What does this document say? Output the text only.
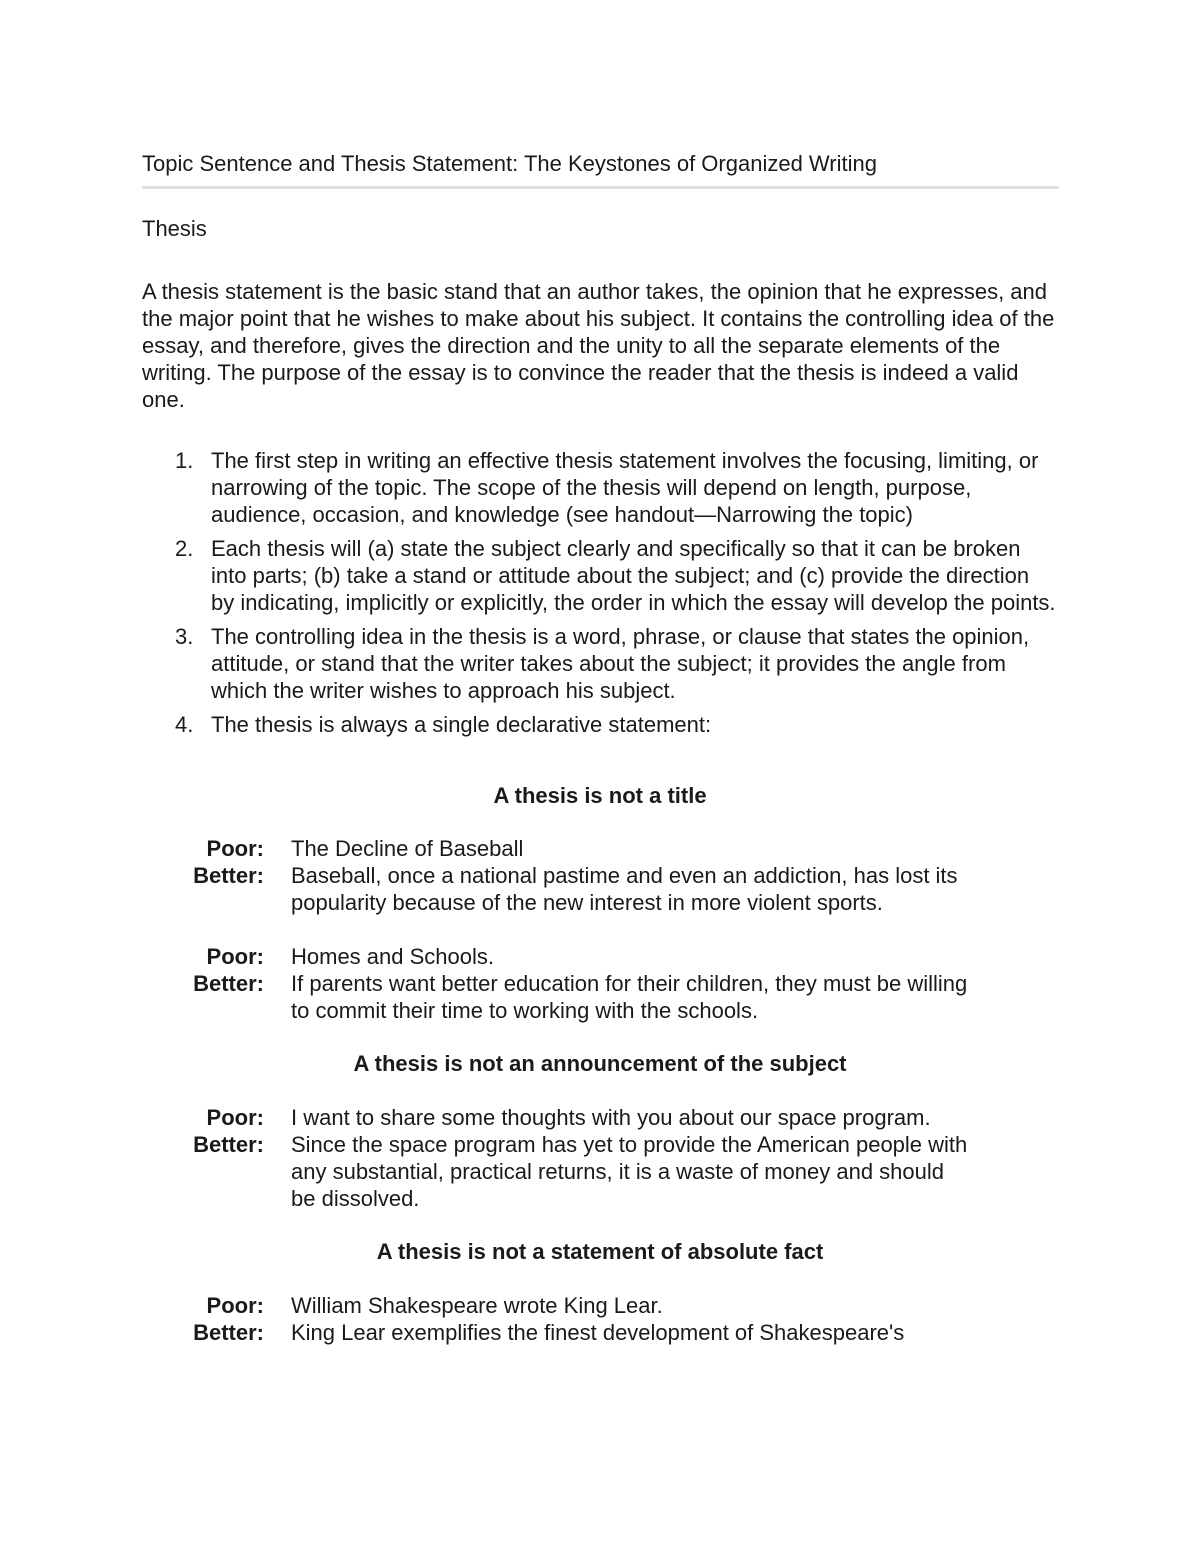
Topic Sentence and Thesis Statement: The Keystones of Organized Writing
Thesis

A thesis statement is the basic stand that an author takes, the opinion that he expresses, and the major point that he wishes to make about his subject. It contains the controlling idea of the essay, and therefore, gives the direction and the unity to all the separate elements of the writing. The purpose of the essay is to convince the reader that the thesis is indeed a valid one.

1. The first step in writing an effective thesis statement involves the focusing, limiting, or narrowing of the topic. The scope of the thesis will depend on length, purpose, audience, occasion, and knowledge (see handout—Narrowing the topic)
2. Each thesis will (a) state the subject clearly and specifically so that it can be broken into parts; (b) take a stand or attitude about the subject; and (c) provide the direction by indicating, implicitly or explicitly, the order in which the essay will develop the points.
3. The controlling idea in the thesis is a word, phrase, or clause that states the opinion, attitude, or stand that the writer takes about the subject; it provides the angle from which the writer wishes to approach his subject.
4. The thesis is always a single declarative statement:
A thesis is not a title
Poor: The Decline of Baseball
Better: Baseball, once a national pastime and even an addiction, has lost its popularity because of the new interest in more violent sports.
Poor: Homes and Schools.
Better: If parents want better education for their children, they must be willing to commit their time to working with the schools.
A thesis is not an announcement of the subject
Poor: I want to share some thoughts with you about our space program.
Better: Since the space program has yet to provide the American people with any substantial, practical returns, it is a waste of money and should be dissolved.
A thesis is not a statement of absolute fact
Poor: William Shakespeare wrote King Lear.
Better: King Lear exemplifies the finest development of Shakespeare's
